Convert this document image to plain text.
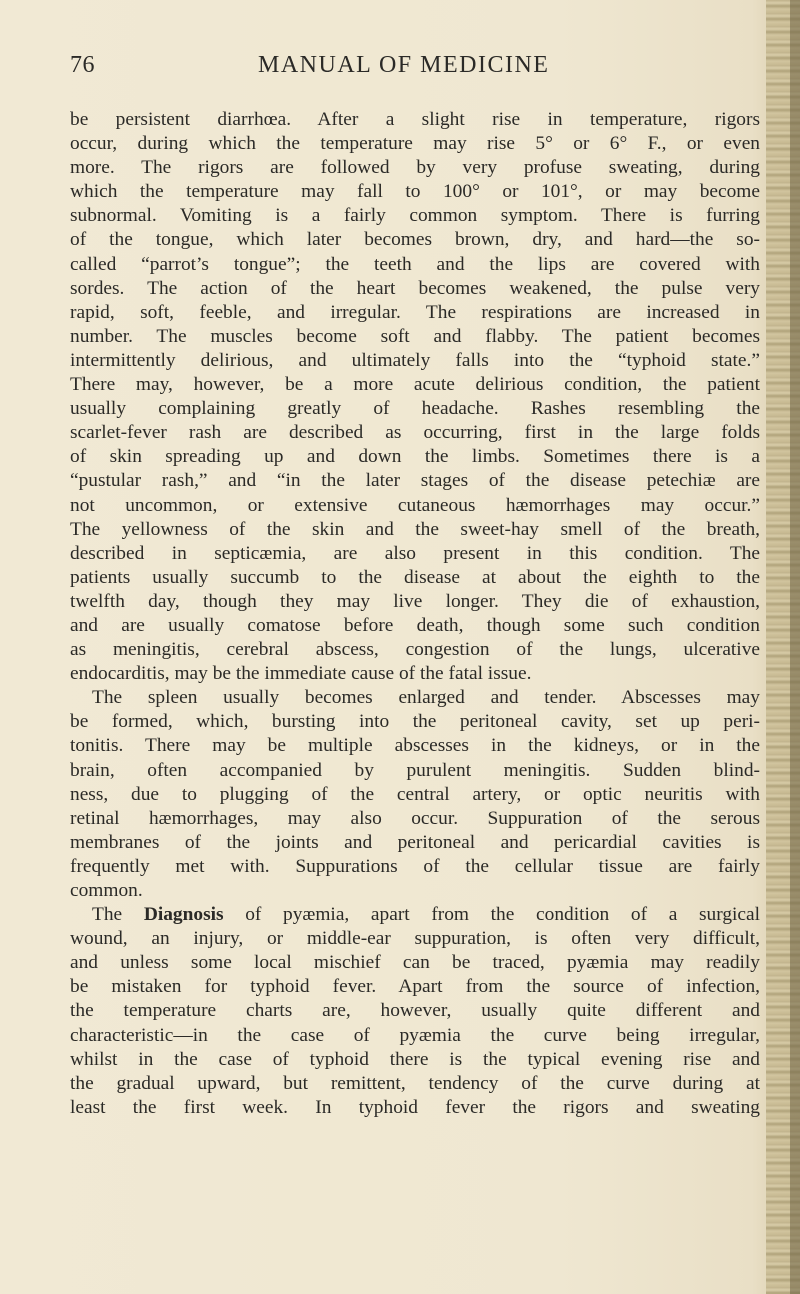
76	MANUAL OF MEDICINE
be persistent diarrhœa. After a slight rise in temperature, rigors
occur, during which the temperature may rise 5° or 6° F., or even
more. The rigors are followed by very profuse sweating, during
which the temperature may fall to 100° or 101°, or may become
subnormal. Vomiting is a fairly common symptom. There is furring
of the tongue, which later becomes brown, dry, and hard—the so-
called “parrot’s tongue”; the teeth and the lips are covered with
sordes. The action of the heart becomes weakened, the pulse very
rapid, soft, feeble, and irregular. The respirations are increased in
number. The muscles become soft and flabby. The patient becomes
intermittently delirious, and ultimately falls into the “typhoid state.”
There may, however, be a more acute delirious condition, the patient
usually complaining greatly of headache. Rashes resembling the
scarlet-fever rash are described as occurring, first in the large folds
of skin spreading up and down the limbs. Sometimes there is a
“pustular rash,” and “in the later stages of the disease petechiæ are
not uncommon, or extensive cutaneous hæmorrhages may occur.”
The yellowness of the skin and the sweet-hay smell of the breath,
described in septicæmia, are also present in this condition. The
patients usually succumb to the disease at about the eighth to the
twelfth day, though they may live longer. They die of exhaustion,
and are usually comatose before death, though some such condition
as meningitis, cerebral abscess, congestion of the lungs, ulcerative
endocarditis, may be the immediate cause of the fatal issue.
The spleen usually becomes enlarged and tender. Abscesses may
be formed, which, bursting into the peritoneal cavity, set up peri-
tonitis. There may be multiple abscesses in the kidneys, or in the
brain, often accompanied by purulent meningitis. Sudden blind-
ness, due to plugging of the central artery, or optic neuritis with
retinal hæmorrhages, may also occur. Suppuration of the serous
membranes of the joints and peritoneal and pericardial cavities is
frequently met with. Suppurations of the cellular tissue are fairly
common.
The Diagnosis of pyæmia, apart from the condition of a surgical
wound, an injury, or middle-ear suppuration, is often very difficult,
and unless some local mischief can be traced, pyæmia may readily
be mistaken for typhoid fever. Apart from the source of infection,
the temperature charts are, however, usually quite different and
characteristic—in the case of pyæmia the curve being irregular,
whilst in the case of typhoid there is the typical evening rise and
the gradual upward, but remittent, tendency of the curve during at
least the first week. In typhoid fever the rigors and sweating
